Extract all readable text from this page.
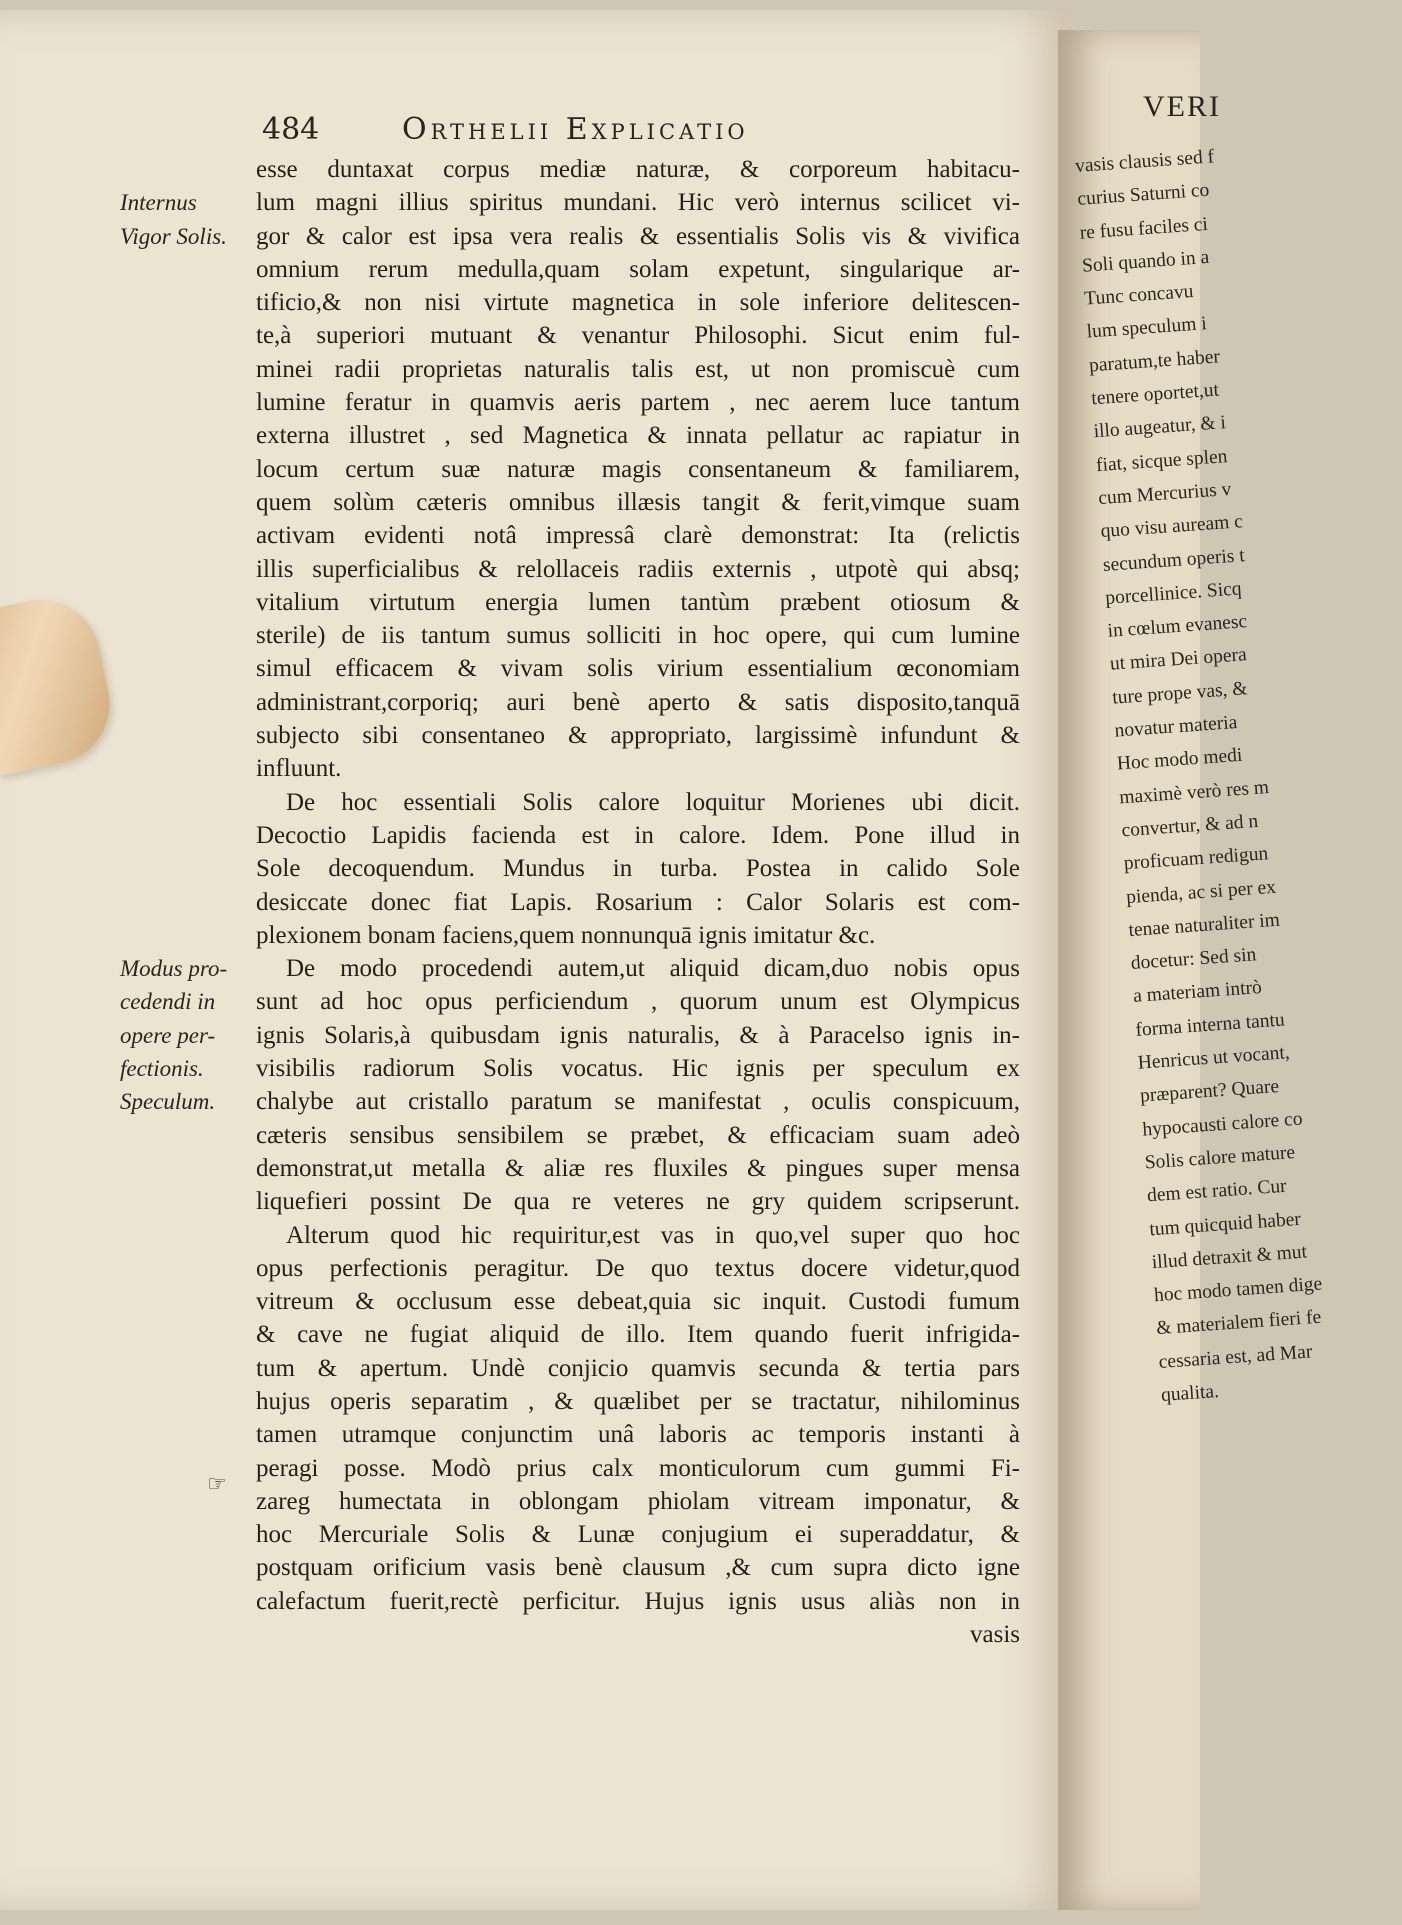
VERI
vasis clausis sed f
curius Saturni co
re fusu faciles ci
Soli quando in a
Tunc concavu
lum speculum i
paratum,te haber
tenere oportet,ut
illo augeatur, & i
fiat, sicque splen
cum Mercurius v
quo visu auream c
secundum operis t
porcellinice. Sicq
in cœlum evanesc
ut mira Dei opera
ture prope vas, &
novatur materia
Hoc modo medi
maximè verò res m
convertur, & ad n
proficuam redigun
pienda, ac si per ex
tenae naturaliter im
docetur: Sed sin
a materiam intrò
forma interna tantu
Henricus ut vocant,
præparent? Quare
hypocausti calore co
Solis calore mature
dem est ratio. Cur
tum quicquid haber
illud detraxit & mut
hoc modo tamen dige
& materialem fieri fe
cessaria est, ad Mar
qualita.
484	Orthelii Explicatio
Internus
Vigor Solis.
Modus pro-
cedendi in
opere per-
fectionis.
Speculum.
☞
esse duntaxat corpus mediæ naturæ, & corporeum habitacu-
lum magni illius spiritus mundani. Hic verò internus scilicet vi-
gor & calor est ipsa vera realis & essentialis Solis vis & vivifica
omnium rerum medulla,quam solam expetunt, singularique ar-
tificio,& non nisi virtute magnetica in sole inferiore delitescen-
te,à superiori mutuant & venantur Philosophi. Sicut enim ful-
minei radii proprietas naturalis talis est, ut non promiscuè cum
lumine feratur in quamvis aeris partem , nec aerem luce tantum
externa illustret , sed Magnetica & innata pellatur ac rapiatur in
locum certum suæ naturæ magis consentaneum & familiarem,
quem solùm cæteris omnibus illæsis tangit & ferit,vimque suam
activam evidenti notâ impressâ clarè demonstrat: Ita (relictis
illis superficialibus & relollaceis radiis externis , utpotè qui absq;
vitalium virtutum energia lumen tantùm præbent otiosum &
sterile) de iis tantum sumus solliciti in hoc opere, qui cum lumine
simul efficacem & vivam solis virium essentialium œconomiam
administrant,corporiq; auri benè aperto & satis disposito,tanquā
subjecto sibi consentaneo & appropriato, largissimè infundunt &
influunt.
De hoc essentiali Solis calore loquitur Morienes ubi dicit.
Decoctio Lapidis facienda est in calore. Idem. Pone illud in
Sole decoquendum. Mundus in turba. Postea in calido Sole
desiccate donec fiat Lapis. Rosarium : Calor Solaris est com-
plexionem bonam faciens,quem nonnunquā ignis imitatur &c.
De modo procedendi autem,ut aliquid dicam,duo nobis opus
sunt ad hoc opus perficiendum , quorum unum est Olympicus
ignis Solaris,à quibusdam ignis naturalis, & à Paracelso ignis in-
visibilis radiorum Solis vocatus. Hic ignis per speculum ex
chalybe aut cristallo paratum se manifestat , oculis conspicuum,
cæteris sensibus sensibilem se præbet, & efficaciam suam adeò
demonstrat,ut metalla & aliæ res fluxiles & pingues super mensa
liquefieri possint De qua re veteres ne gry quidem scripserunt.
Alterum quod hic requiritur,est vas in quo,vel super quo hoc
opus perfectionis peragitur. De quo textus docere videtur,quod
vitreum & occlusum esse debeat,quia sic inquit. Custodi fumum
& cave ne fugiat aliquid de illo. Item quando fuerit infrigida-
tum & apertum. Undè conjicio quamvis secunda & tertia pars
hujus operis separatim , & quælibet per se tractatur, nihilominus
tamen utramque conjunctim unâ laboris ac temporis instanti à
peragi posse. Modò prius calx monticulorum cum gummi Fi-
zareg humectata in oblongam phiolam vitream imponatur, &
hoc Mercuriale Solis & Lunæ conjugium ei superaddatur, &
postquam orificium vasis benè clausum ,& cum supra dicto igne
calefactum fuerit,rectè perficitur. Hujus ignis usus aliàs non in
vasis
